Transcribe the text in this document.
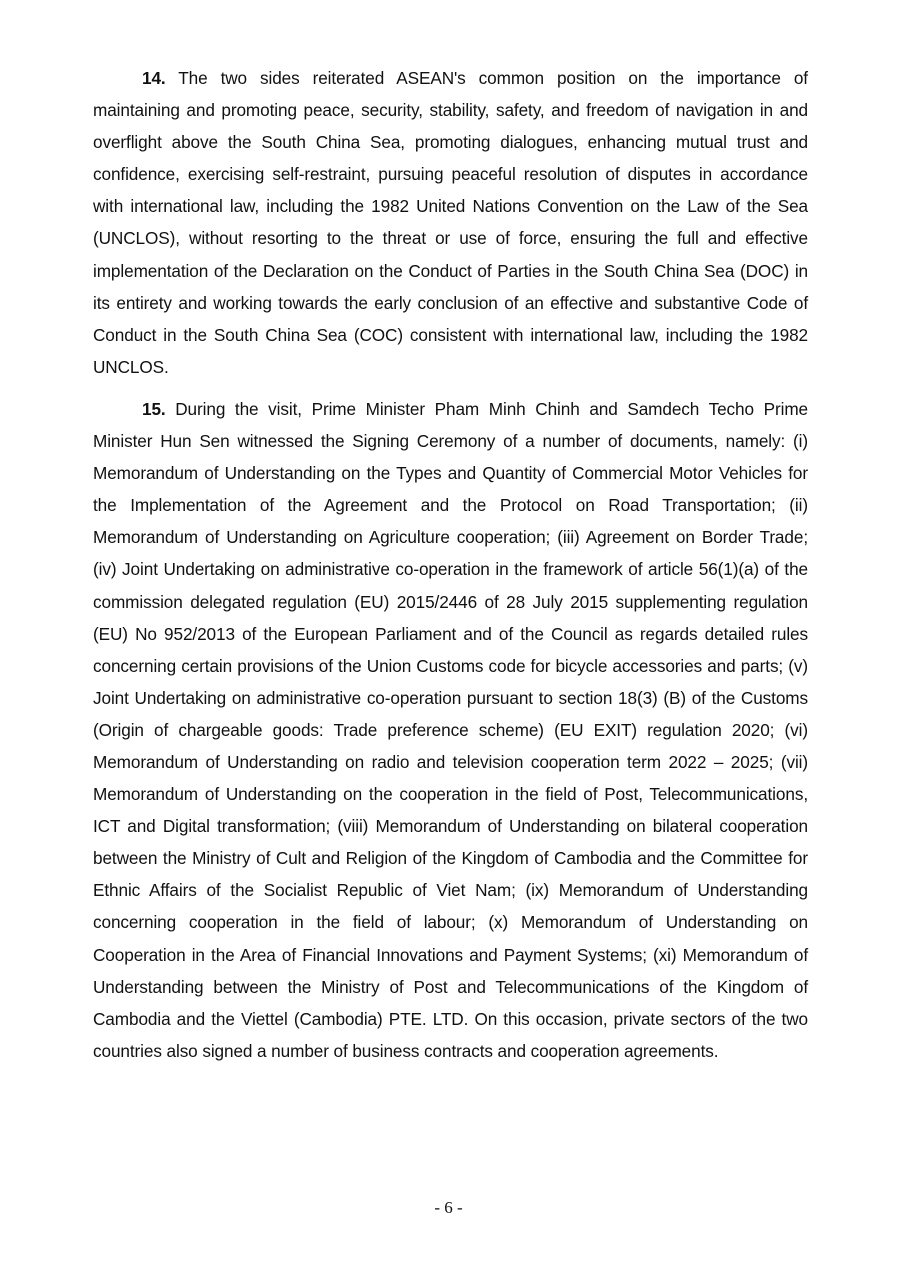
14. The two sides reiterated ASEAN's common position on the importance of maintaining and promoting peace, security, stability, safety, and freedom of navigation in and overflight above the South China Sea, promoting dialogues, enhancing mutual trust and confidence, exercising self-restraint, pursuing peaceful resolution of disputes in accordance with international law, including the 1982 United Nations Convention on the Law of the Sea (UNCLOS), without resorting to the threat or use of force, ensuring the full and effective implementation of the Declaration on the Conduct of Parties in the South China Sea (DOC) in its entirety and working towards the early conclusion of an effective and substantive Code of Conduct in the South China Sea (COC) consistent with international law, including the 1982 UNCLOS.

15. During the visit, Prime Minister Pham Minh Chinh and Samdech Techo Prime Minister Hun Sen witnessed the Signing Ceremony of a number of documents, namely: (i) Memorandum of Understanding on the Types and Quantity of Commercial Motor Vehicles for the Implementation of the Agreement and the Protocol on Road Transportation; (ii) Memorandum of Understanding on Agriculture cooperation; (iii) Agreement on Border Trade; (iv) Joint Undertaking on administrative co-operation in the framework of article 56(1)(a) of the commission delegated regulation (EU) 2015/2446 of 28 July 2015 supplementing regulation (EU) No 952/2013 of the European Parliament and of the Council as regards detailed rules concerning certain provisions of the Union Customs code for bicycle accessories and parts; (v) Joint Undertaking on administrative co-operation pursuant to section 18(3) (B) of the Customs (Origin of chargeable goods: Trade preference scheme) (EU EXIT) regulation 2020; (vi) Memorandum of Understanding on radio and television cooperation term 2022 – 2025; (vii) Memorandum of Understanding on the cooperation in the field of Post, Telecommunications, ICT and Digital transformation; (viii) Memorandum of Understanding on bilateral cooperation between the Ministry of Cult and Religion of the Kingdom of Cambodia and the Committee for Ethnic Affairs of the Socialist Republic of Viet Nam; (ix) Memorandum of Understanding concerning cooperation in the field of labour; (x) Memorandum of Understanding on Cooperation in the Area of Financial Innovations and Payment Systems; (xi) Memorandum of Understanding between the Ministry of Post and Telecommunications of the Kingdom of Cambodia and the Viettel (Cambodia) PTE. LTD. On this occasion, private sectors of the two countries also signed a number of business contracts and cooperation agreements.

- 6 -
